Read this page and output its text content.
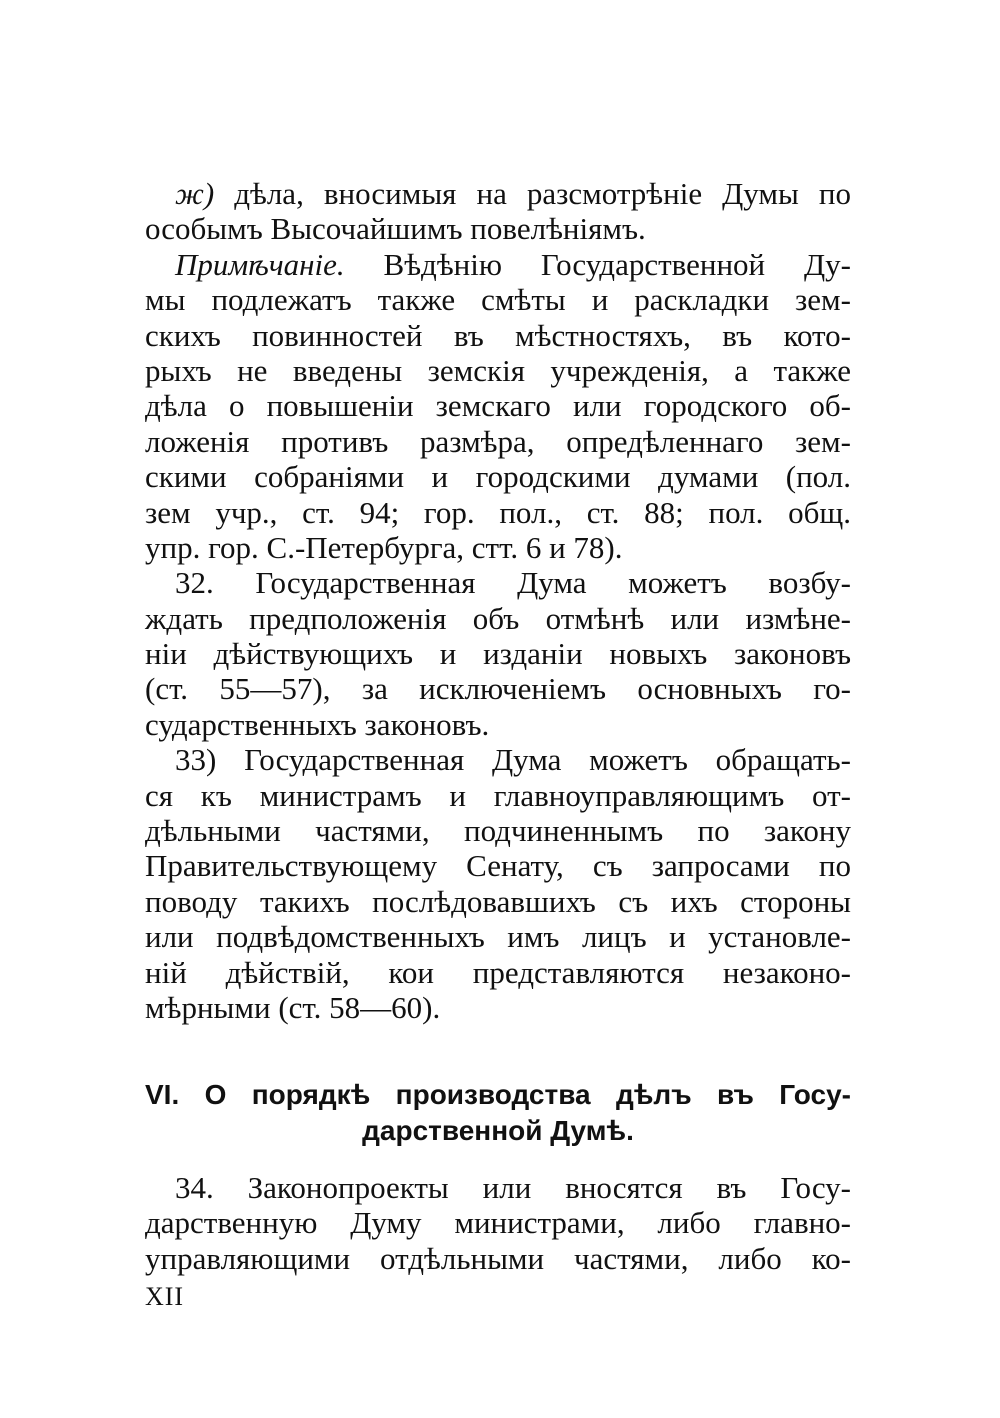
ж) дѣла, вносимыя на разсмотрѣніе Думы по
особымъ Высочайшимъ повелѣніямъ.
Примѣчаніе. Вѣдѣнію Государственной Ду-
мы подлежатъ также смѣты и раскладки зем-
скихъ повинностей въ мѣстностяхъ, въ кото-
рыхъ не введены земскія учрежденія, а также
дѣла о повышеніи земскаго или городского об-
ложенія противъ размѣра, опредѣленнаго зем-
скими собраніями и городскими думами (пол.
зем учр., ст. 94; гор. пол., ст. 88; пол. общ.
упр. гор. С.-Петербурга, стт. 6 и 78).
32. Государственная Дума можетъ возбу-
ждать предположенія объ отмѣнѣ или измѣне-
ніи дѣйствующихъ и изданіи новыхъ законовъ
(ст. 55—57), за исключеніемъ основныхъ го-
сударственныхъ законовъ.
33) Государственная Дума можетъ обращать-
ся къ министрамъ и главноуправляющимъ от-
дѣльными частями, подчиненнымъ по закону
Правительствующему Сенату, съ запросами по
поводу такихъ послѣдовавшихъ съ ихъ стороны
или подвѣдомственныхъ имъ лицъ и установле-
ній дѣйствій, кои представляются незаконо-
мѣрными (ст. 58—60).
VI. О порядкѣ производства дѣлъ въ Госу-
дарственной Думѣ.
34. Законопроекты или вносятся въ Госу-
дарственную Думу министрами, либо главно-
управляющими отдѣльными частями, либо ко-
XII
